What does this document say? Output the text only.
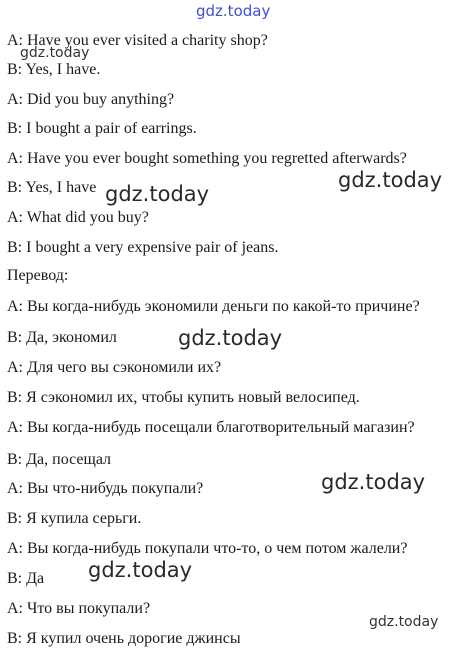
gdz.today
gdz.today
gdz.today
gdz.today
gdz.today
gdz.today
gdz.today
gdz.today
A: Have you ever visited a charity shop?
B: Yes, I have.
A: Did you buy anything?
B: I bought a pair of earrings.
A: Have you ever bought something you regretted afterwards?
B: Yes, I have
A: What did you buy?
B: I bought a very expensive pair of jeans.
Перевод:
А: Вы когда-нибудь экономили деньги по какой-то причине?
В: Да, экономил
А: Для чего вы сэкономили их?
В: Я сэкономил их, чтобы купить новый велосипед.
А: Вы когда-нибудь посещали благотворительный магазин?
В: Да, посещал
А: Вы что-нибудь покупали?
В: Я купила серьги.
А: Вы когда-нибудь покупали что-то, о чем потом жалели?
В: Да
А: Что вы покупали?
В: Я купил очень дорогие джинсы
